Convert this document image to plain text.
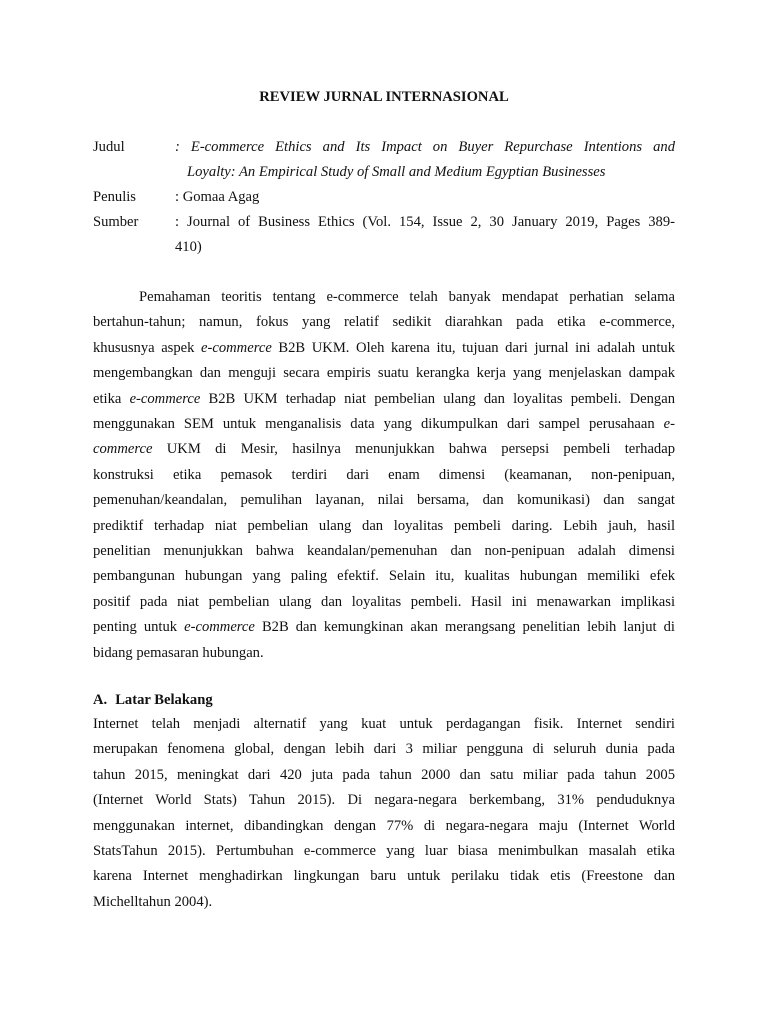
REVIEW JURNAL INTERNASIONAL
Judul	: E-commerce Ethics and Its Impact on Buyer Repurchase Intentions and
Loyalty: An Empirical Study of Small and Medium Egyptian Businesses
Penulis	: Gomaa Agag
Sumber	: Journal of Business Ethics (Vol. 154, Issue 2, 30 January 2019, Pages 389-
410)
Pemahaman teoritis tentang e-commerce telah banyak mendapat perhatian selama
bertahun-tahun; namun, fokus yang relatif sedikit diarahkan pada etika e-commerce,
khususnya aspek e-commerce B2B UKM. Oleh karena itu, tujuan dari jurnal ini adalah untuk
mengembangkan dan menguji secara empiris suatu kerangka kerja yang menjelaskan dampak
etika e-commerce B2B UKM terhadap niat pembelian ulang dan loyalitas pembeli. Dengan
menggunakan SEM untuk menganalisis data yang dikumpulkan dari sampel perusahaan e-
commerce UKM di Mesir, hasilnya menunjukkan bahwa persepsi pembeli terhadap
konstruksi etika pemasok terdiri dari enam dimensi (keamanan, non-penipuan,
pemenuhan/keandalan, pemulihan layanan, nilai bersama, dan komunikasi) dan sangat
prediktif terhadap niat pembelian ulang dan loyalitas pembeli daring. Lebih jauh, hasil
penelitian menunjukkan bahwa keandalan/pemenuhan dan non-penipuan adalah dimensi
pembangunan hubungan yang paling efektif. Selain itu, kualitas hubungan memiliki efek
positif pada niat pembelian ulang dan loyalitas pembeli. Hasil ini menawarkan implikasi
penting untuk e-commerce B2B dan kemungkinan akan merangsang penelitian lebih lanjut di
bidang pemasaran hubungan.
A. Latar Belakang
Internet telah menjadi alternatif yang kuat untuk perdagangan fisik. Internet sendiri
merupakan fenomena global, dengan lebih dari 3 miliar pengguna di seluruh dunia pada
tahun 2015, meningkat dari 420 juta pada tahun 2000 dan satu miliar pada tahun 2005
(Internet World Stats) Tahun 2015). Di negara-negara berkembang, 31% penduduknya
menggunakan internet, dibandingkan dengan 77% di negara-negara maju (Internet World
StatsTahun 2015). Pertumbuhan e-commerce yang luar biasa menimbulkan masalah etika
karena Internet menghadirkan lingkungan baru untuk perilaku tidak etis (Freestone dan
Michelltahun 2004).
